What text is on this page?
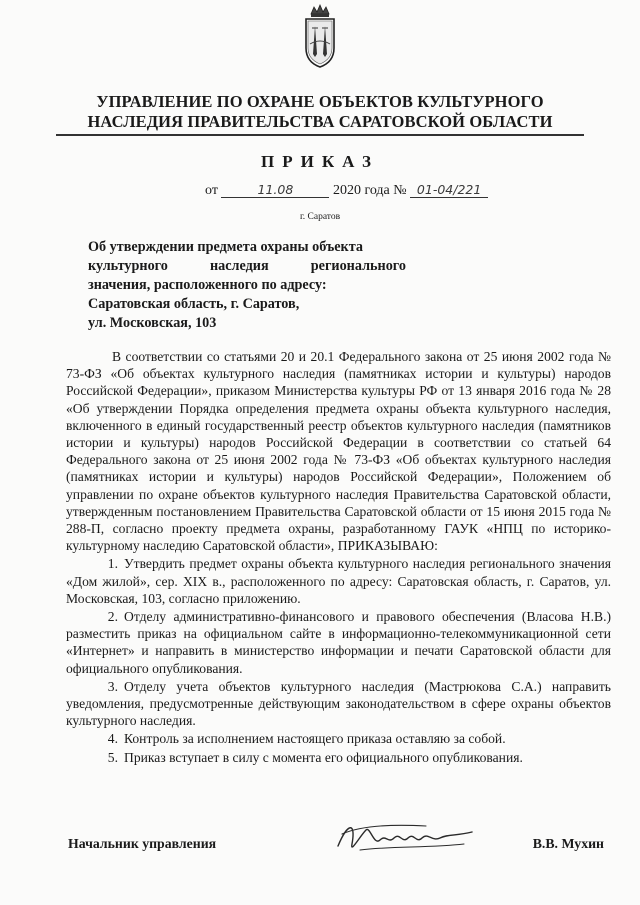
УПРАВЛЕНИЕ ПО ОХРАНЕ ОБЪЕКТОВ КУЛЬТУРНОГО
НАСЛЕДИЯ ПРАВИТЕЛЬСТВА САРАТОВСКОЙ ОБЛАСТИ
ПРИКАЗ
от	11.08	2020 года № 01-04/221
г. Саратов
Об утверждении предмета охраны объекта
культурного	наследия	регионального
значения, расположенного по адресу:
Саратовская область, г. Саратов,
ул. Московская, 103

В соответствии со статьями 20 и 20.1 Федерального закона от 25 июня 2002 года № 73-ФЗ «Об объектах культурного наследия (памятниках истории и культуры) народов Российской Федерации», приказом Министерства культуры РФ от 13 января 2016 года № 28 «Об утверждении Порядка определения предмета охраны объекта культурного наследия, включенного в единый государственный реестр объектов культурного наследия (памятников истории и культуры) народов Российской Федерации в соответствии со статьей 64 Федерального закона от 25 июня 2002 года № 73-ФЗ «Об объектах культурного наследия (памятниках истории и культуры) народов Российской Федерации», Положением об управлении по охране объектов культурного наследия Правительства Саратовской области, утвержденным постановлением Правительства Саратовской области от 15 июня 2015 года № 288-П, согласно проекту предмета охраны, разработанному ГАУК «НПЦ по историко-культурному наследию Саратовской области», ПРИКАЗЫВАЮ:

1. Утвердить предмет охраны объекта культурного наследия регионального значения «Дом жилой», сер. XIX в., расположенного по адресу: Саратовская область, г. Саратов, ул. Московская, 103, согласно приложению.

2. Отделу административно-финансового и правового обеспечения (Власова Н.В.) разместить приказ на официальном сайте в информационно-телекоммуникационной сети «Интернет» и направить в министерство информации и печати Саратовской области для официального опубликования.

3. Отделу учета объектов культурного наследия (Мастрюкова С.А.) направить уведомления, предусмотренные действующим законодательством в сфере охраны объектов культурного наследия.

4. Контроль за исполнением настоящего приказа оставляю за собой.

5. Приказ вступает в силу с момента его официального опубликования.

Начальник управления	В.В. Мухин
